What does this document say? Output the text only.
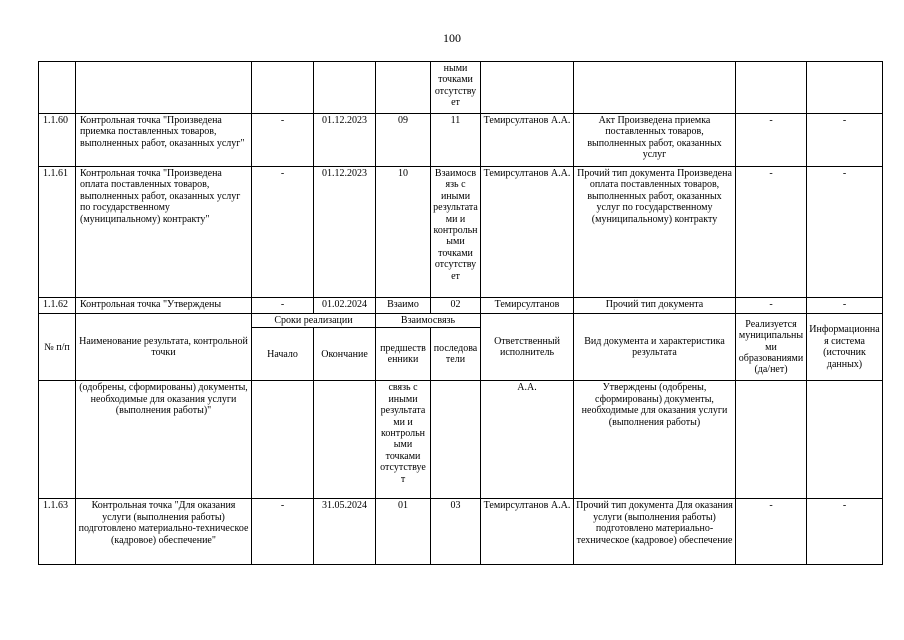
100
					ными точками отсутствует				
1.1.60	Контрольная точка "Произведена приемка поставленных товаров, выполненных работ, оказанных услуг"	-	01.12.2023	09	11	Темирсултанов А.А.	Акт Произведена приемка поставленных товаров, выполненных работ, оказанных услуг	-	-
1.1.61	Контрольная точка "Произведена оплата поставленных товаров, выполненных работ, оказанных услуг по государственному (муниципальному) контракту"	-	01.12.2023	10	Взаимосвязь с иными результатами и контрольными точками отсутствует	Темирсултанов А.А.	Прочий тип документа Произведена оплата поставленных товаров, выполненных работ, оказанных услуг по государственному (муниципальному) контракту	-	-
1.1.62	Контрольная точка "Утверждены	-	01.02.2024	Взаимо	02	Темирсултанов	Прочий тип документа	-	-
№ п/п	Наименование результата, контрольной точки	Сроки реализации		Взаимосвязь		Ответственный исполнитель	Вид документа и характеристика результата	Реализуется муниципальными образованиями (да/нет)	Информационная система (источник данных)
		Начало	Окончание	предшественники	последователи				
	(одобрены, сформированы) документы, необходимые для оказания услуги (выполнения работы)"			связь с иными результатами и контрольными точками отсутствует		А.А.	Утверждены (одобрены, сформированы) документы, необходимые для оказания услуги (выполнения работы)		
1.1.63	Контрольная точка "Для оказания услуги (выполнения работы) подготовлено материально-техническое (кадровое) обеспечение"	-	31.05.2024	01	03	Темирсултанов А.А.	Прочий тип документа Для оказания услуги (выполнения работы) подготовлено материально-техническое (кадровое) обеспечение	-	-
